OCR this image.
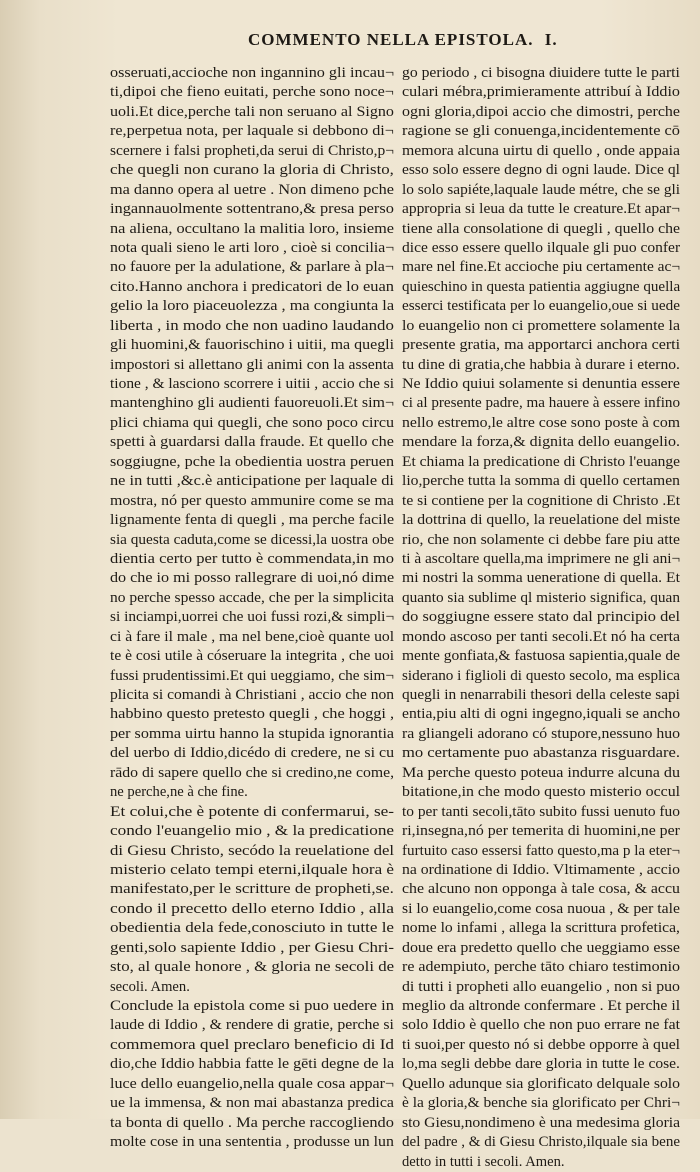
COMMENTO NELLA EPISTOLA. I.
osseruati,accioche non ingannino gli incau¬
ti,dipoi che fieno euitati, perche sono noce¬
uoli.Et dice,perche tali non seruano al Signo
re,perpetua nota, per laquale si debbono di¬
scernere i falsi propheti,da serui di Christo,p¬
che quegli non curano la gloria di Christo,
ma danno opera al uetre . Non dimeno pche
ingannauolmente sottentrano,& presa perso
na aliena, occultano la malitia loro, insieme
nota quali sieno le arti loro , cioè si concilia¬
no fauore per la adulatione, & parlare à pla¬
cito.Hanno anchora i predicatori de lo euan
gelio la loro piaceuolezza , ma congiunta la
liberta , in modo che non uadino laudando
gli huomini,& fauorischino i uitii, ma quegli
impostori si allettano gli animi con la assenta
tione , & lasciono scorrere i uitii , accio che si
mantenghino gli audienti fauoreuoli.Et sim¬
plici chiama qui quegli, che sono poco circu
spetti à guardarsi dalla fraude. Et quello che
soggiugne, pche la obedientia uostra peruen
ne in tutti ,&c.è anticipatione per laquale di
mostra, nó per questo ammunire come se ma
lignamente fenta di quegli , ma perche facile
sia questa caduta,come se dicessi,la uostra obe
dientia certo per tutto è commendata,in mo
do che io mi posso rallegrare di uoi,nó dime
no perche spesso accade, che per la simplicita
si inciampi,uorrei che uoi fussi rozi,& simpli¬
ci à fare il male , ma nel bene,cioè quante uol
te è cosi utile à cóseruare la integrita , che uoi
fussi prudentissimi.Et qui ueggiamo, che sim¬
plicita si comandi à Christiani , accio che non
habbino questo pretesto quegli , che hoggi ,
per somma uirtu hanno la stupida ignorantia
del uerbo di Iddio,dicédo di credere, ne si cu
rādo di sapere quello che si credino,ne come,
ne perche,ne à che fine.
Et colui,che è potente di confermarui, se-
condo l'euangelio mio , & la predicatione
di Giesu Christo, secódo la reuelatione del
misterio celato tempi eterni,ilquale hora è
manifestato,per le scritture de propheti,se.
condo il precetto dello eterno Iddio , alla
obedientia dela fede,conosciuto in tutte le
genti,solo sapiente Iddio , per Giesu Chri-
sto, al quale honore , & gloria ne secoli de
secoli. Amen.
Conclude la epistola come si puo uedere in
laude di Iddio , & rendere di gratie, perche si
commemora quel preclaro beneficio di Id
dio,che Iddio habbia fatte le gēti degne de la
luce dello euangelio,nella quale cosa appar¬
ue la immensa, & non mai abastanza predica
ta bonta di quello . Ma perche raccogliendo
molte cose in una sententia , produsse un lun
go periodo , ci bisogna diuidere tutte le parti
culari mébra,primieramente attribuí à Iddio
ogni gloria,dipoi accio che dimostri, perche
ragione se gli conuenga,incidentemente cō
memora alcuna uirtu di quello , onde appaia
esso solo essere degno di ogni laude. Dice ql
lo solo sapiéte,laquale laude métre, che se gli
appropria si leua da tutte le creature.Et apar¬
tiene alla consolatione di quegli , quello che
dice esso essere quello ilquale gli puo confer
mare nel fine.Et accioche piu certamente ac¬
quieschino in questa patientia aggiugne quella
esserci testificata per lo euangelio,oue si uede
lo euangelio non ci promettere solamente la
presente gratia, ma apportarci anchora certi
tu dine di gratia,che habbia à durare i eterno.
Ne Iddio quiui solamente si denuntia essere
ci al presente padre, ma hauere à essere infino
nello estremo,le altre cose sono poste à com
mendare la forza,& dignita dello euangelio.
Et chiama la predicatione di Christo l'euange
lio,perche tutta la somma di quello certamen
te si contiene per la cognitione di Christo .Et
la dottrina di quello, la reuelatione del miste
rio, che non solamente ci debbe fare piu atte
ti à ascoltare quella,ma imprimere ne gli ani¬
mi nostri la somma ueneratione di quella. Et
quanto sia sublime ql misterio significa, quan
do soggiugne essere stato dal principio del
mondo ascoso per tanti secoli.Et nó ha certa
mente gonfiata,& fastuosa sapientia,quale de
siderano i figlioli di questo secolo, ma esplica
quegli in nenarrabili thesori della celeste sapi
entia,piu alti di ogni ingegno,iquali se ancho
ra gliangeli adorano có stupore,nessuno huo
mo certamente puo abastanza risguardare.
Ma perche questo poteua indurre alcuna du
bitatione,in che modo questo misterio occul
to per tanti secoli,tāto subito fussi uenuto fuo
ri,insegna,nó per temerita di huomini,ne per
furtuito caso essersi fatto questo,ma p la eter¬
na ordinatione di Iddio. Vltimamente , accio
che alcuno non opponga à tale cosa, & accu
si lo euangelio,come cosa nuoua , & per tale
nome lo infami , allega la scrittura profetica,
doue era predetto quello che ueggiamo esse
re adempiuto, perche tāto chiaro testimonio
di tutti i propheti allo euangelio , non si puo
meglio da altronde confermare . Et perche il
solo Iddio è quello che non puo errare ne fat
ti suoi,per questo nó si debbe opporre à quel
lo,ma segli debbe dare gloria in tutte le cose.
Quello adunque sia glorificato delquale solo
è la gloria,& benche sia glorificato per Chri¬
sto Giesu,nondimeno è una medesima gloria
del padre , & di Giesu Christo,ilquale sia bene
detto in tutti i secoli. Amen.
